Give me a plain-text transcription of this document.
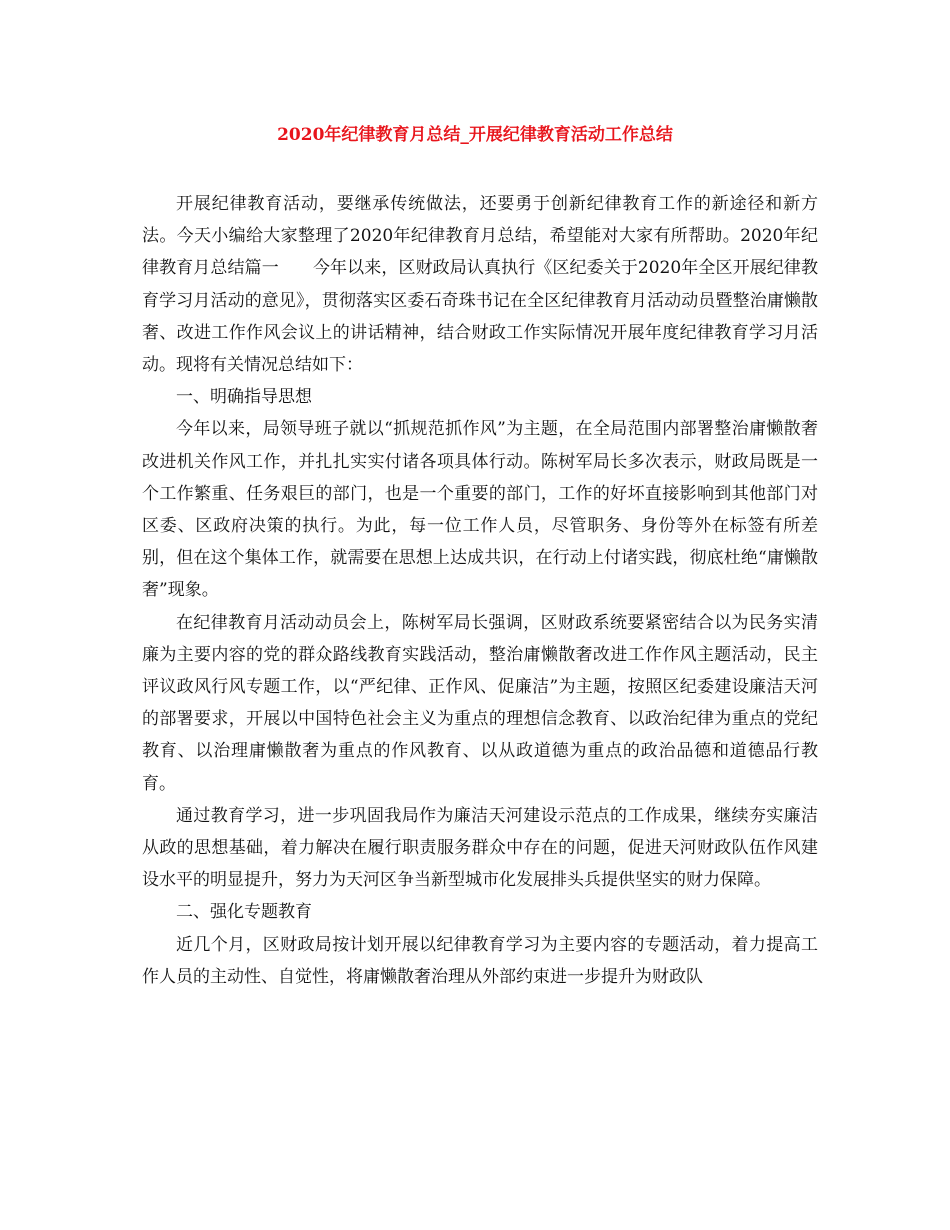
2020年纪律教育月总结_开展纪律教育活动工作总结

开展纪律教育活动，要继承传统做法，还要勇于创新纪律教育工作的新途径和新方法。今天小编给大家整理了2020年纪律教育月总结，希望能对大家有所帮助。2020年纪律教育月总结篇一 今年以来，区财政局认真执行《区纪委关于2020年全区开展纪律教育学习月活动的意见》，贯彻落实区委石奇珠书记在全区纪律教育月活动动员暨整治庸懒散奢、改进工作作风会议上的讲话精神，结合财政工作实际情况开展年度纪律教育学习月活动。现将有关情况总结如下：

一、明确指导思想

今年以来，局领导班子就以“抓规范抓作风”为主题，在全局范围内部署整治庸懒散奢改进机关作风工作，并扎扎实实付诸各项具体行动。陈树军局长多次表示，财政局既是一个工作繁重、任务艰巨的部门，也是一个重要的部门，工作的好坏直接影响到其他部门对区委、区政府决策的执行。为此，每一位工作人员，尽管职务、身份等外在标签有所差别，但在这个集体工作，就需要在思想上达成共识，在行动上付诸实践，彻底杜绝“庸懒散奢”现象。

在纪律教育月活动动员会上，陈树军局长强调，区财政系统要紧密结合以为民务实清廉为主要内容的党的群众路线教育实践活动，整治庸懒散奢改进工作作风主题活动，民主评议政风行风专题工作，以“严纪律、正作风、促廉洁”为主题，按照区纪委建设廉洁天河的部署要求，开展以中国特色社会主义为重点的理想信念教育、以政治纪律为重点的党纪教育、以治理庸懒散奢为重点的作风教育、以从政道德为重点的政治品德和道德品行教育。

通过教育学习，进一步巩固我局作为廉洁天河建设示范点的工作成果，继续夯实廉洁从政的思想基础，着力解决在履行职责服务群众中存在的问题，促进天河财政队伍作风建设水平的明显提升，努力为天河区争当新型城市化发展排头兵提供坚实的财力保障。

二、强化专题教育

近几个月，区财政局按计划开展以纪律教育学习为主要内容的专题活动，着力提高工作人员的主动性、自觉性，将庸懒散奢治理从外部约束进一步提升为财政队
